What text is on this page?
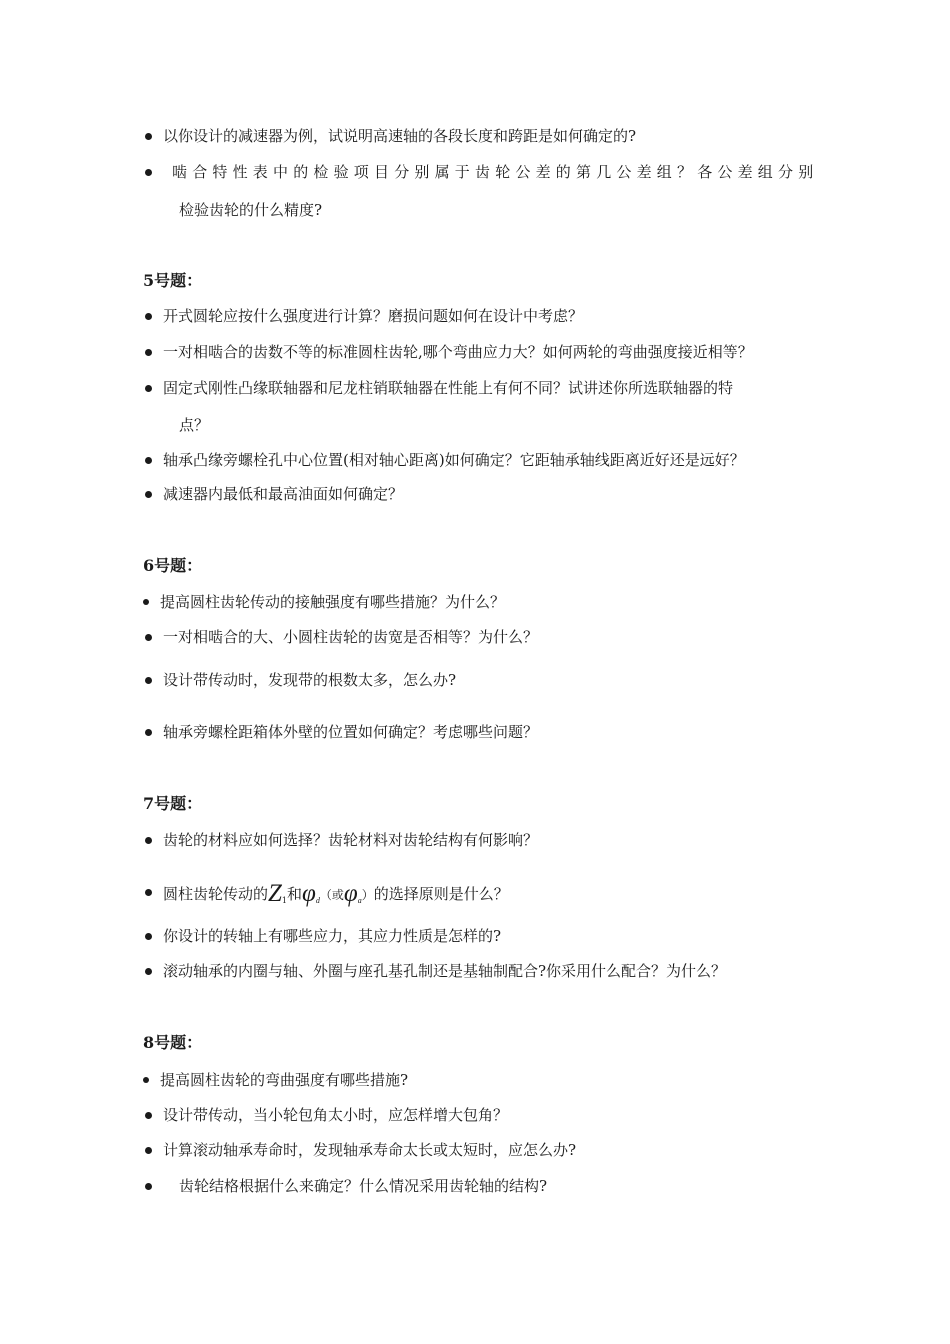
以你设计的减速器为例，试说明高速轴的各段长度和跨距是如何确定的?
啮合特性表中的检验项目分别属于齿轮公差的第几公差组？各公差组分别
检验齿轮的什么精度?
5号题：
开式圆轮应按什么强度进行计算？磨损问题如何在设计中考虑？
一对相啮合的齿数不等的标准圆柱齿轮,哪个弯曲应力大？如何两轮的弯曲强度接近相等？
固定式刚性凸缘联轴器和尼龙柱销联轴器在性能上有何不同？试讲述你所选联轴器的特
点？
轴承凸缘旁螺栓孔中心位置(相对轴心距离)如何确定？它距轴承轴线距离近好还是远好？
减速器内最低和最高油面如何确定？
6号题：
提高圆柱齿轮传动的接触强度有哪些措施？为什么？
一对相啮合的大、小圆柱齿轮的齿宽是否相等？为什么？
设计带传动时，发现带的根数太多，怎么办?
轴承旁螺栓距箱体外壁的位置如何确定？考虑哪些问题？
7号题：
齿轮的材料应如何选择？齿轮材料对齿轮结构有何影响？
圆柱齿轮传动的$Z_1$和$\varphi_d$（或$\varphi_a$）的选择原则是什么？
你设计的转轴上有哪些应力，其应力性质是怎样的?
滚动轴承的内圈与轴、外圈与座孔基孔制还是基轴制配合?你采用什么配合？为什么？
8号题：
提高圆柱齿轮的弯曲强度有哪些措施?
设计带传动，当小轮包角太小时，应怎样增大包角？
计算滚动轴承寿命时，发现轴承寿命太长或太短时，应怎么办?
齿轮结格根据什么来确定？什么情况采用齿轮轴的结构?
